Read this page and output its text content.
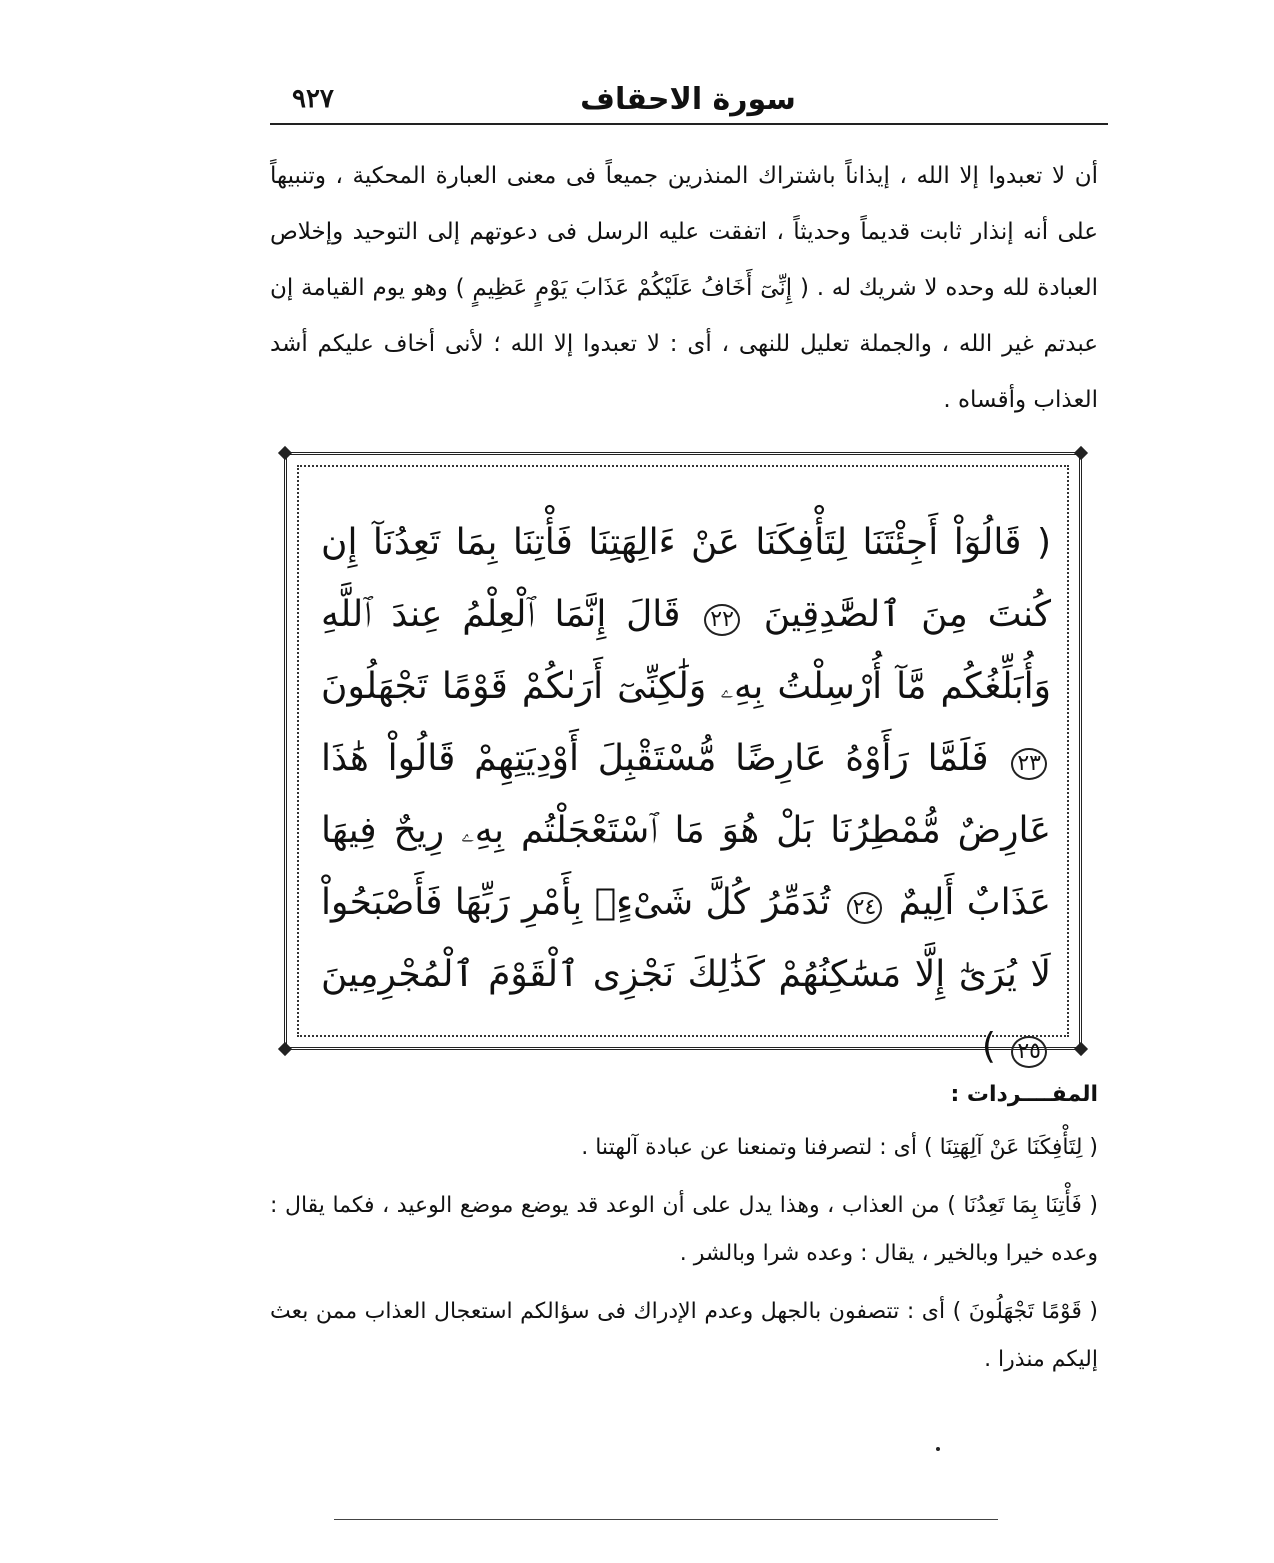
٩٢٧	سورة الاحقاف

أن لا تعبدوا إلا الله ، إيذاناً باشتراك المنذرين جميعاً فى معنى العبارة المحكية ، وتنبيهاً على أنه إنذار ثابت قديماً وحديثاً ، اتفقت عليه الرسل فى دعوتهم إلى التوحيد وإخلاص العبادة لله وحده لا شريك له . ( إِنِّىٓ أَخَافُ عَلَيْكُمْ عَذَابَ يَوْمٍ عَظِيمٍ ) وهو يوم القيامة إن عبدتم غير الله ، والجملة تعليل للنهى ، أى : لا تعبدوا إلا الله ؛ لأنى أخاف عليكم أشد العذاب وأقساه .

( قَالُوٓاْ أَجِئْتَنَا لِتَأْفِكَنَا عَنْ ءَالِهَتِنَا فَأْتِنَا بِمَا تَعِدُنَآ إِن كُنتَ مِنَ ٱلصَّٰدِقِينَ ٢٢ قَالَ إِنَّمَا ٱلْعِلْمُ عِندَ ٱللَّهِ وَأُبَلِّغُكُم مَّآ أُرْسِلْتُ بِهِۦ وَلَٰكِنِّىٓ أَرَىٰكُمْ قَوْمًا تَجْهَلُونَ ٢٣ فَلَمَّا رَأَوْهُ عَارِضًا مُّسْتَقْبِلَ أَوْدِيَتِهِمْ قَالُواْ هَٰذَا عَارِضٌ مُّمْطِرُنَا بَلْ هُوَ مَا ٱسْتَعْجَلْتُم بِهِۦ رِيحٌ فِيهَا عَذَابٌ أَلِيمٌ ٢٤ تُدَمِّرُ كُلَّ شَىْءٍۭ بِأَمْرِ رَبِّهَا فَأَصْبَحُواْ لَا يُرَىٰٓ إِلَّا مَسَٰكِنُهُمْ كَذَٰلِكَ نَجْزِى ٱلْقَوْمَ ٱلْمُجْرِمِينَ ٢٥ )
المفــــردات :

( لِتَأْفِكَنَا عَنْ آلِهَتِنَا ) أى : لتصرفنا وتمنعنا عن عبادة آلهتنا .

( فَأْتِنَا بِمَا تَعِدُنَا ) من العذاب ، وهذا يدل على أن الوعد قد يوضع موضع الوعيد ، فكما يقال : وعده خيرا وبالخير ، يقال : وعده شرا وبالشر .

( قَوْمًا تَجْهَلُونَ ) أى : تتصفون بالجهل وعدم الإدراك فى سؤالكم استعجال العذاب ممن بعث إليكم منذرا .
